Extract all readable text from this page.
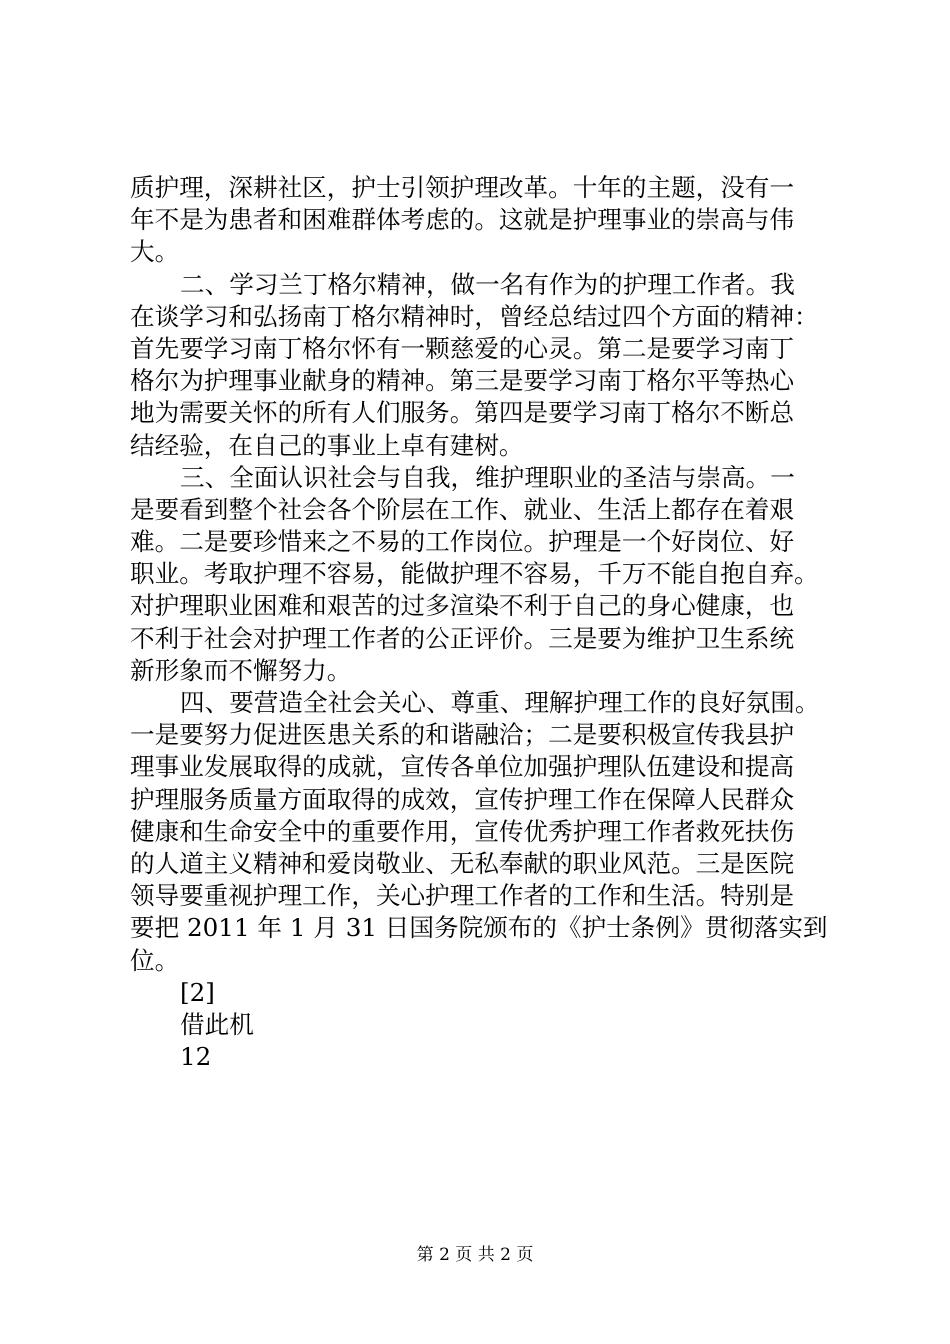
质护理，深耕社区，护士引领护理改革。十年的主题，没有一
年不是为患者和困难群体考虑的。这就是护理事业的崇高与伟
大。
二、学习兰丁格尔精神，做一名有作为的护理工作者。我
在谈学习和弘扬南丁格尔精神时，曾经总结过四个方面的精神：
首先要学习南丁格尔怀有一颗慈爱的心灵。第二是要学习南丁
格尔为护理事业献身的精神。第三是要学习南丁格尔平等热心
地为需要关怀的所有人们服务。第四是要学习南丁格尔不断总
结经验，在自己的事业上卓有建树。
三、全面认识社会与自我，维护理职业的圣洁与崇高。一
是要看到整个社会各个阶层在工作、就业、生活上都存在着艰
难。二是要珍惜来之不易的工作岗位。护理是一个好岗位、好
职业。考取护理不容易，能做护理不容易，千万不能自抱自弃。
对护理职业困难和艰苦的过多渲染不利于自己的身心健康，也
不利于社会对护理工作者的公正评价。三是要为维护卫生系统
新形象而不懈努力。
四、要营造全社会关心、尊重、理解护理工作的良好氛围。
一是要努力促进医患关系的和谐融洽；二是要积极宣传我县护
理事业发展取得的成就，宣传各单位加强护理队伍建设和提高
护理服务质量方面取得的成效，宣传护理工作在保障人民群众
健康和生命安全中的重要作用，宣传优秀护理工作者救死扶伤
的人道主义精神和爱岗敬业、无私奉献的职业风范。三是医院
领导要重视护理工作，关心护理工作者的工作和生活。特别是
要把 2011 年 1 月 31 日国务院颁布的《护士条例》贯彻落实到
位。
[2]
借此机
12
第 2 页 共 2 页
